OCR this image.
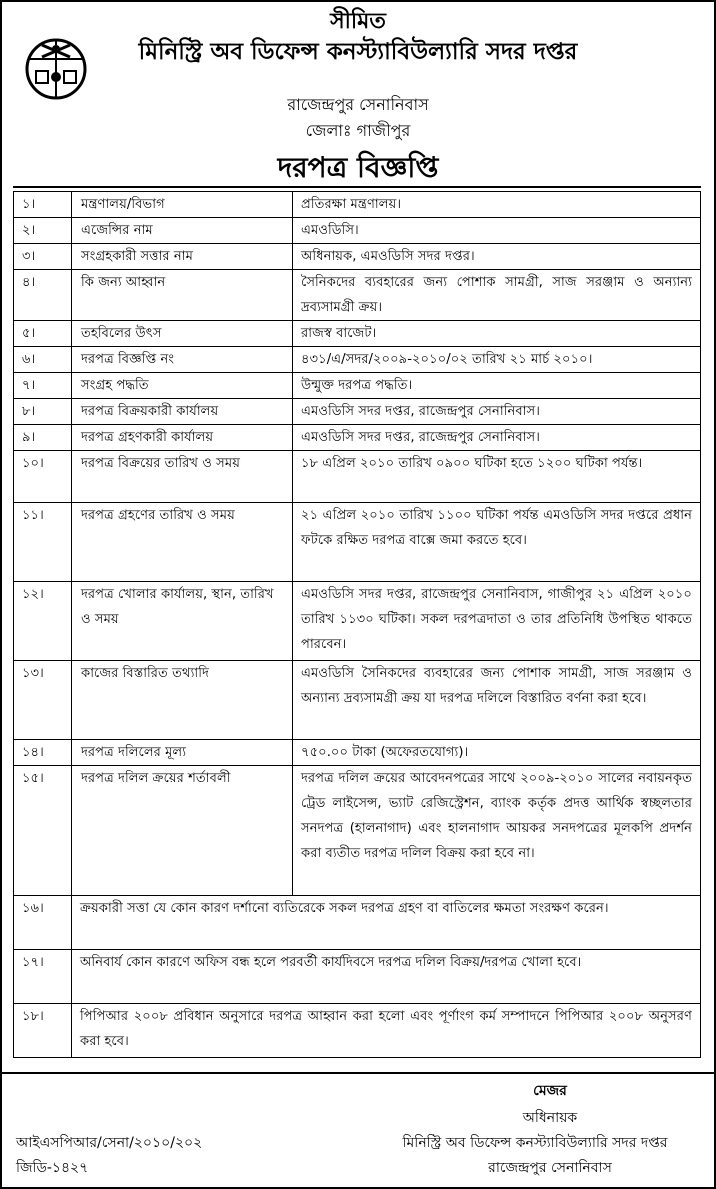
সীমিত
মিনিস্ট্রি অব ডিফেন্স কনস্ট্যাবিউল্যারি সদর দপ্তর
রাজেন্দ্রপুর সেনানিবাস
জেলাঃ গাজীপুর
দরপত্র বিজ্ঞপ্তি
১।	মন্ত্রণালয়/বিভাগ	প্রতিরক্ষা মন্ত্রণালয়।
২।	এজেন্সির নাম	এমওডিসি।
৩।	সংগ্রহকারী সত্তার নাম	অধিনায়ক, এমওডিসি সদর দপ্তর।
৪।	কি জন্য আহ্বান	সৈনিকদের ব্যবহারের জন্য পোশাক সামগ্রী, সাজ সরঞ্জাম ও অন্যান্য দ্রব্যসামগ্রী ক্রয়।
৫।	তহবিলের উৎস	রাজস্ব বাজেট।
৬।	দরপত্র বিজ্ঞপ্তি নং	৪৩১/এ/সদর/২০০৯-২০১০/০২ তারিখ ২১ মার্চ ২০১০।
৭।	সংগ্রহ পদ্ধতি	উন্মুক্ত দরপত্র পদ্ধতি।
৮।	দরপত্র বিক্রয়কারী কার্যালয়	এমওডিসি সদর দপ্তর, রাজেন্দ্রপুর সেনানিবাস।
৯।	দরপত্র গ্রহণকারী কার্যালয়	এমওডিসি সদর দপ্তর, রাজেন্দ্রপুর সেনানিবাস।
১০।	দরপত্র বিক্রয়ের তারিখ ও সময়	১৮ এপ্রিল ২০১০ তারিখ ০৯০০ ঘটিকা হতে ১২০০ ঘটিকা পর্যন্ত।
১১।	দরপত্র গ্রহণের তারিখ ও সময়	২১ এপ্রিল ২০১০ তারিখ ১১০০ ঘটিকা পর্যন্ত এমওডিসি সদর দপ্তরে প্রধান ফটকে রক্ষিত দরপত্র বাক্সে জমা করতে হবে।
১২।	দরপত্র খোলার কার্যালয়, স্থান, তারিখ ও সময়	এমওডিসি সদর দপ্তর, রাজেন্দ্রপুর সেনানিবাস, গাজীপুর ২১ এপ্রিল ২০১০ তারিখ ১১৩০ ঘটিকা। সকল দরপত্রদাতা ও তার প্রতিনিধি উপস্থিত থাকতে পারবেন।
১৩।	কাজের বিস্তারিত তথ্যাদি	এমওডিসি সৈনিকদের ব্যবহারের জন্য পোশাক সামগ্রী, সাজ সরঞ্জাম ও অন্যান্য দ্রব্যসামগ্রী ক্রয় যা দরপত্র দলিলে বিস্তারিত বর্ণনা করা হবে।
১৪।	দরপত্র দলিলের মূল্য	৭৫০.০০ টাকা (অফেরতযোগ্য)।
১৫।	দরপত্র দলিল ক্রয়ের শর্তাবলী	দরপত্র দলিল ক্রয়ের আবেদনপত্রের সাথে ২০০৯-২০১০ সালের নবায়নকৃত ট্রেড লাইসেন্স, ভ্যাট রেজিস্ট্রেশন, ব্যাংক কর্তৃক প্রদত্ত আর্থিক স্বচ্ছলতার সনদপত্র (হালনাগাদ) এবং হালনাগাদ আয়কর সনদপত্রের মূলকপি প্রদর্শন করা ব্যতীত দরপত্র দলিল বিক্রয় করা হবে না।
১৬।	ক্রয়কারী সত্তা যে কোন কারণ দর্শানো ব্যতিরেকে সকল দরপত্র গ্রহণ বা বাতিলের ক্ষমতা সংরক্ষণ করেন।	
১৭।	অনিবার্য কোন কারণে অফিস বন্ধ হলে পরবর্তী কার্যদিবসে দরপত্র দলিল বিক্রয়/দরপত্র খোলা হবে।	
১৮।	পিপিআর ২০০৮ প্রবিধান অনুসারে দরপত্র আহ্বান করা হলো এবং পূর্ণাংগ কর্ম সম্পাদনে পিপিআর ২০০৮ অনুসরণ করা হবে।	
মেজর
অধিনায়ক
মিনিস্ট্রি অব ডিফেন্স কনস্ট্যাবিউল্যারি সদর দপ্তর
রাজেন্দ্রপুর সেনানিবাস
আইএসপিআর/সেনা/২০১০/২০২
জিডি-১৪২৭
